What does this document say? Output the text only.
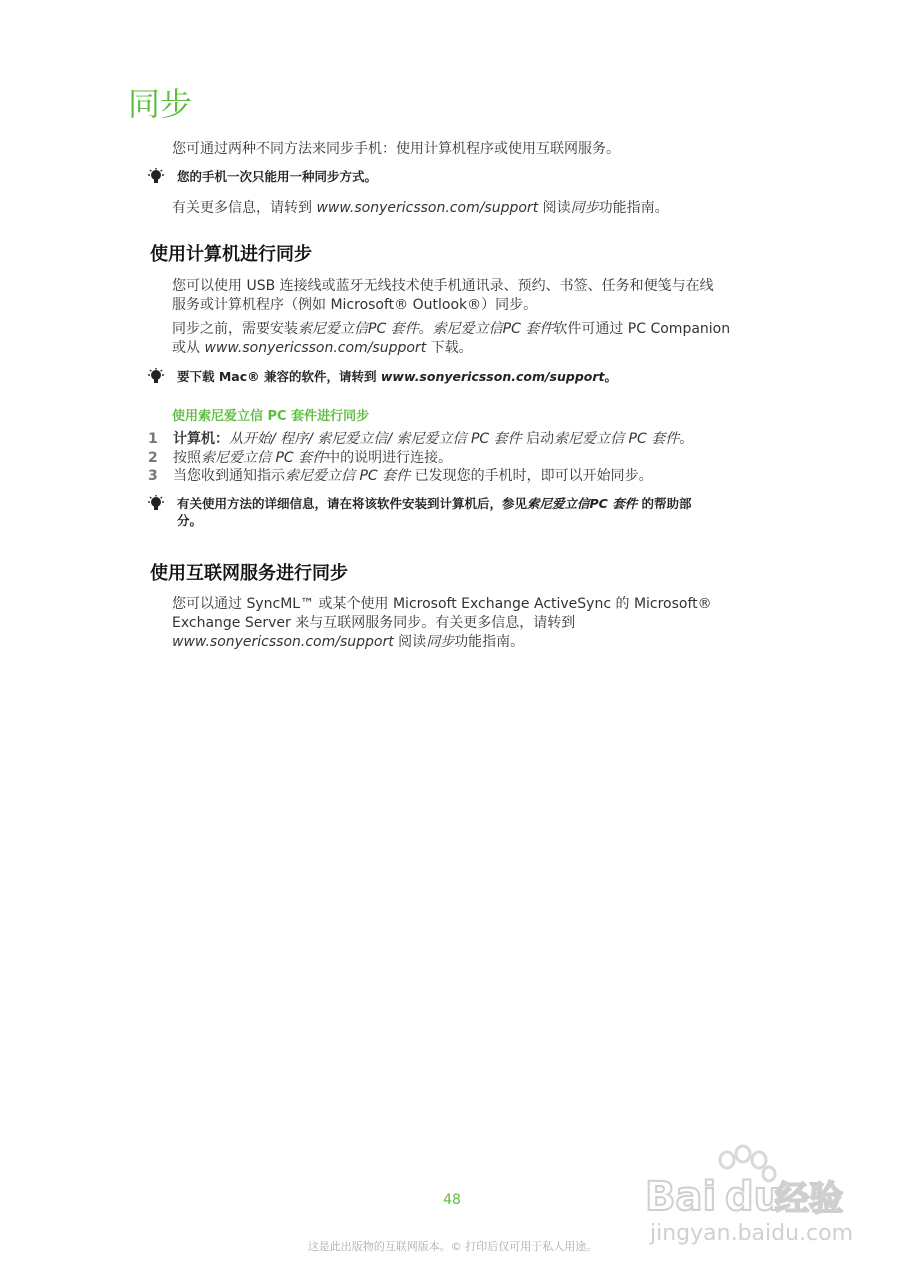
同步

您可通过两种不同方法来同步手机：使用计算机程序或使用互联网服务。

您的手机一次只能用一种同步方式。

有关更多信息，请转到 www.sonyericsson.com/support 阅读同步功能指南。

使用计算机进行同步

您可以使用 USB 连接线或蓝牙无线技术使手机通讯录、预约、书签、任务和便笺与在线
服务或计算机程序（例如 Microsoft® Outlook®）同步。

同步之前，需要安装索尼爱立信PC 套件。索尼爱立信PC 套件软件可通过 PC Companion
或从 www.sonyericsson.com/support 下载。

要下载 Mac® 兼容的软件，请转到 www.sonyericsson.com/support。

使用索尼爱立信 PC 套件进行同步
1	计算机：从开始/ 程序/ 索尼爱立信/ 索尼爱立信 PC 套件 启动索尼爱立信 PC 套件。
2	按照索尼爱立信 PC 套件中的说明进行连接。
3	当您收到通知指示索尼爱立信 PC 套件 已发现您的手机时，即可以开始同步。

有关使用方法的详细信息，请在将该软件安装到计算机后，参见索尼爱立信PC 套件 的帮助部
分。

使用互联网服务进行同步

您可以通过 SyncML™ 或某个使用 Microsoft Exchange ActiveSync 的 Microsoft®
Exchange Server 来与互联网服务同步。有关更多信息，请转到
www.sonyericsson.com/support 阅读同步功能指南。

48
这是此出版物的互联网版本。© 打印后仅可用于私人用途。
Bai du
经验
jingyan.baidu.com
